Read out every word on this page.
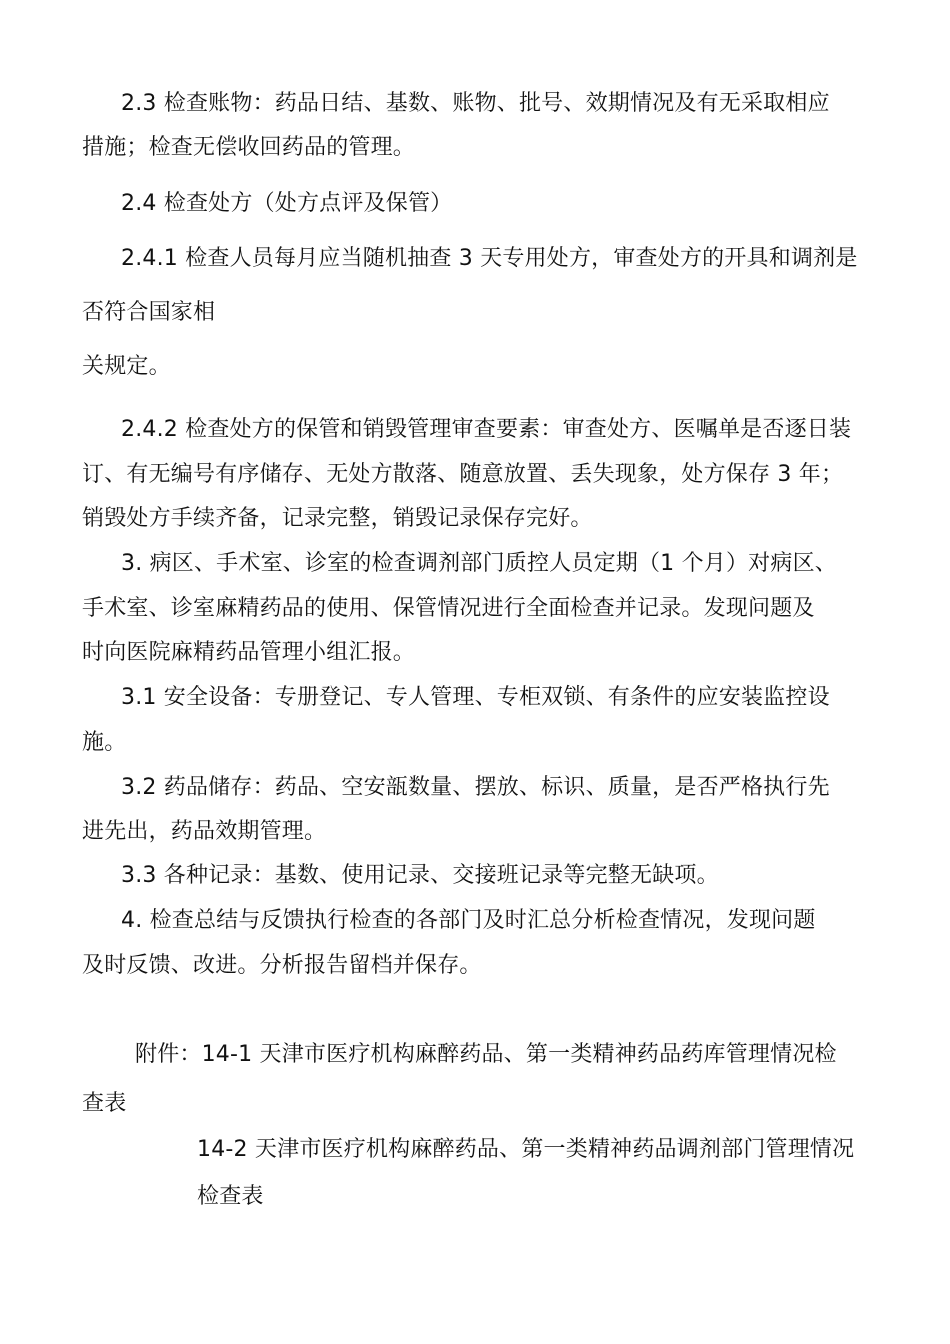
2.3 检查账物：药品日结、基数、账物、批号、效期情况及有无采取相应
措施；检查无偿收回药品的管理。
2.4 检查处方（处方点评及保管）
2.4.1 检查人员每月应当随机抽查 3 天专用处方，审查处方的开具和调剂是
否符合国家相
关规定。
2.4.2 检查处方的保管和销毁管理审查要素：审查处方、医嘱单是否逐日装
订、有无编号有序储存、无处方散落、随意放置、丢失现象，处方保存 3 年；
销毁处方手续齐备，记录完整，销毁记录保存完好。
3. 病区、手术室、诊室的检查调剂部门质控人员定期（1 个月）对病区、
手术室、诊室麻精药品的使用、保管情况进行全面检查并记录。发现问题及
时向医院麻精药品管理小组汇报。
3.1 安全设备：专册登记、专人管理、专柜双锁、有条件的应安装监控设
施。
3.2 药品储存：药品、空安瓿数量、摆放、标识、质量，是否严格执行先
进先出，药品效期管理。
3.3 各种记录：基数、使用记录、交接班记录等完整无缺项。
4. 检查总结与反馈执行检查的各部门及时汇总分析检查情况，发现问题
及时反馈、改进。分析报告留档并保存。
附件：14-1 天津市医疗机构麻醉药品、第一类精神药品药库管理情况检
查表
14-2 天津市医疗机构麻醉药品、第一类精神药品调剂部门管理情况
检查表
